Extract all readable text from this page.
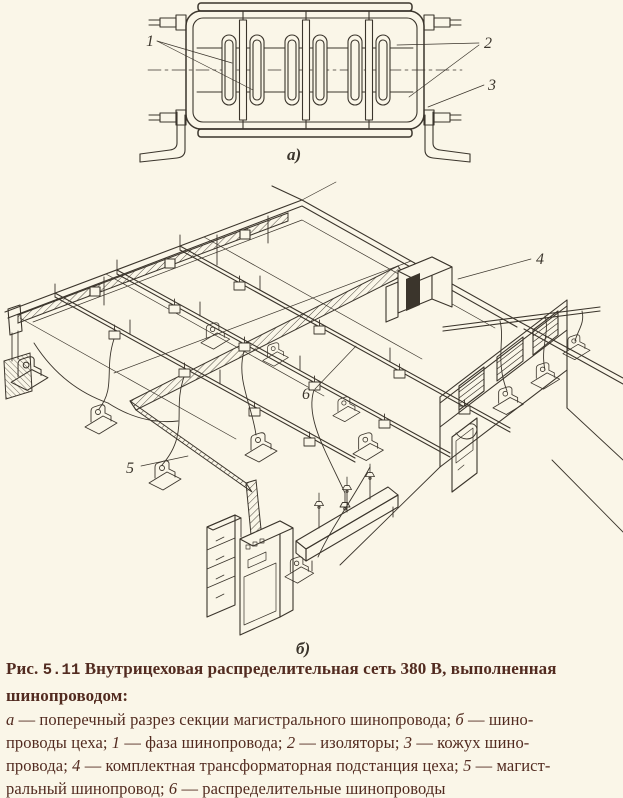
1	2
3
а)
4
5
6
б)
Рис. 5.11 Внутрицеховая распределительная сеть 380 В, выполненная
шинопроводом:
а — поперечный разрез секции магистрального шинопровода; б — шино-
проводы цеха; 1 — фаза шинопровода; 2 — изоляторы; 3 — кожух шино-
провода; 4 — комплектная трансформаторная подстанция цеха; 5 — магист-
ральный шинопровод; 6 — распределительные шинопроводы
